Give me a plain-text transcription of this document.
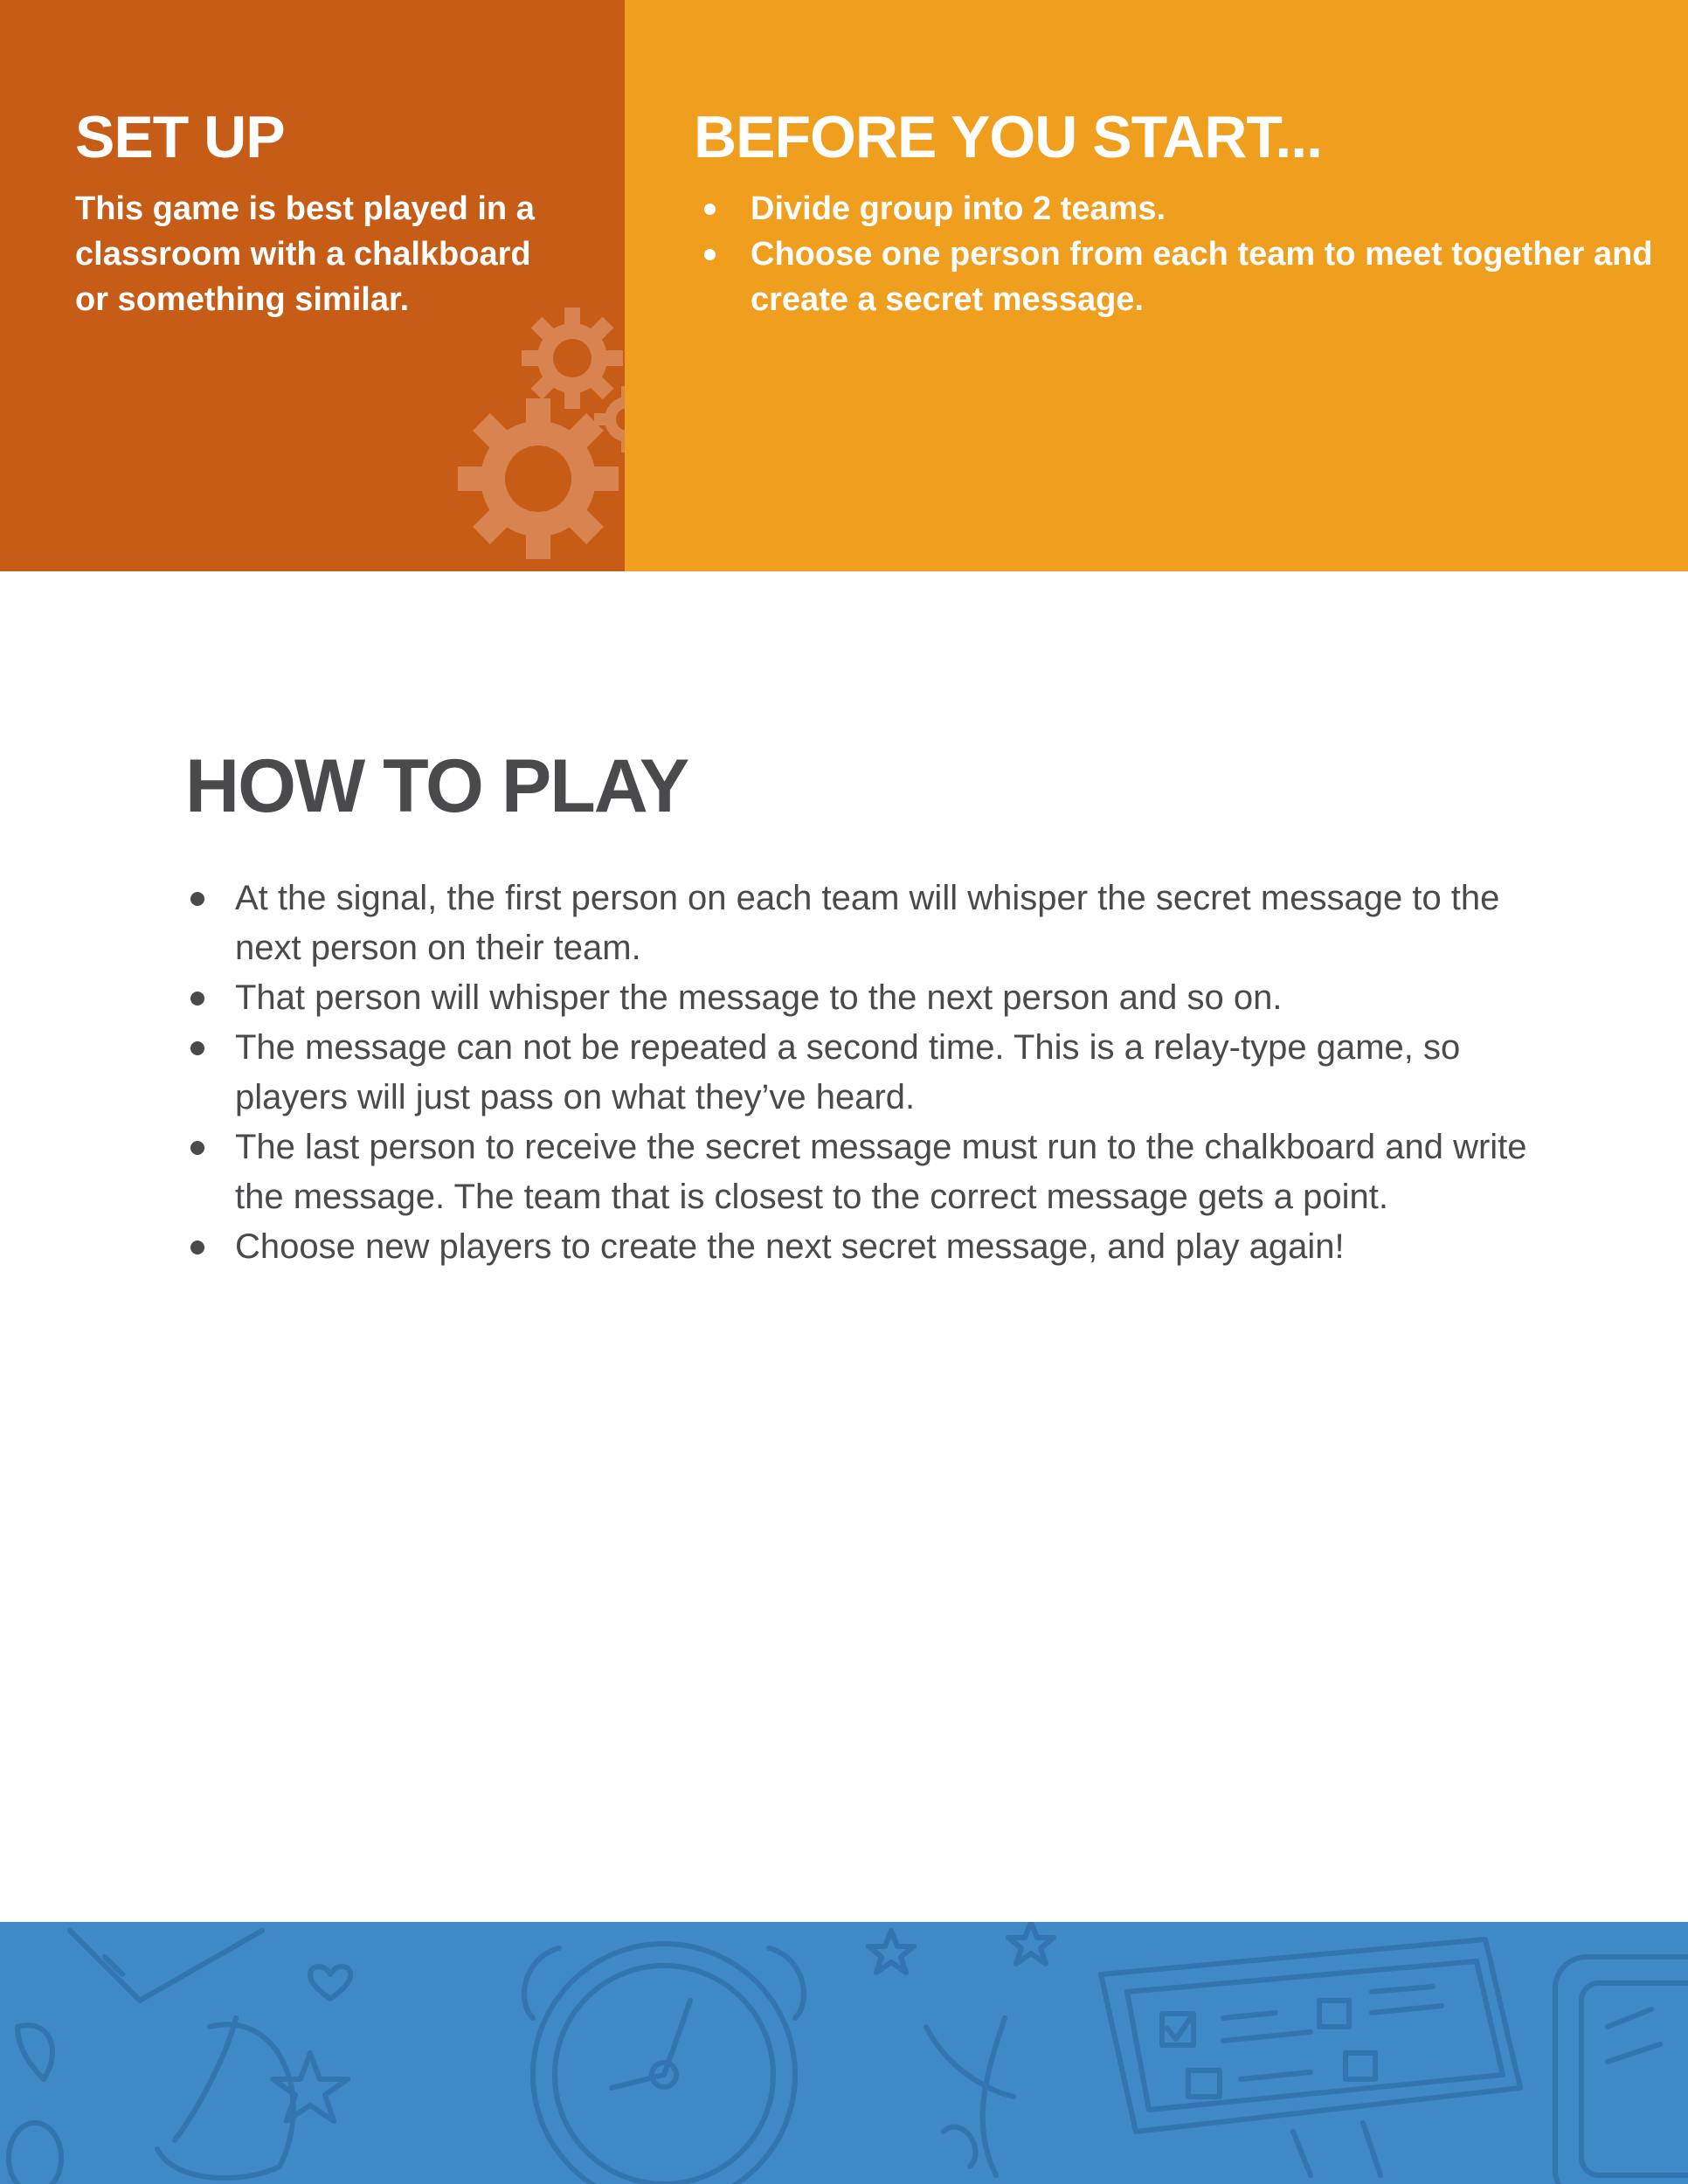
SET UP
This game is best played in a classroom with a chalkboard or something similar.
BEFORE YOU START...
Divide group into 2 teams.
Choose one person from each team to meet together and create a secret message.
HOW TO PLAY
At the signal, the first person on each team will whisper the secret message to the next person on their team.
That person will whisper the message to the next person and so on.
The message can not be repeated a second time. This is a relay-type game, so players will just pass on what they’ve heard.
The last person to receive the secret message must run to the chalkboard and write the message. The team that is closest to the correct message gets a point.
Choose new players to create the next secret message, and play again!
